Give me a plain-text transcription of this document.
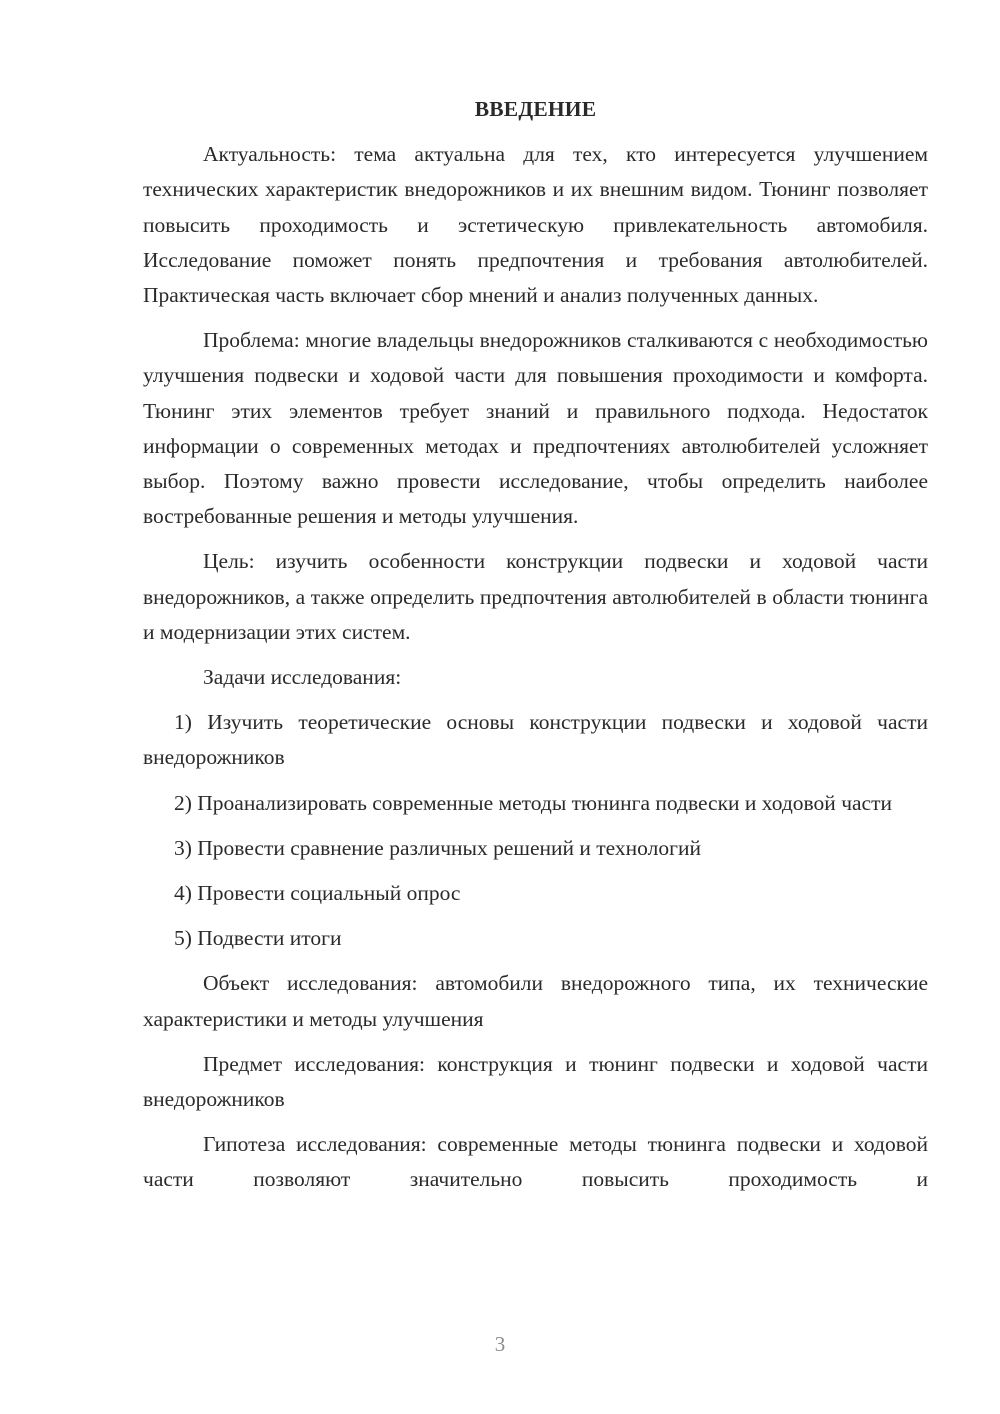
ВВЕДЕНИЕ

Актуальность: тема актуальна для тех, кто интересуется улучшением технических характеристик внедорожников и их внешним видом. Тюнинг позволяет повысить проходимость и эстетическую привлекательность автомобиля. Исследование поможет понять предпочтения и требования автолюбителей. Практическая часть включает сбор мнений и анализ полученных данных.

Проблема: многие владельцы внедорожников сталкиваются с необходимостью улучшения подвески и ходовой части для повышения проходимости и комфорта. Тюнинг этих элементов требует знаний и правильного подхода. Недостаток информации о современных методах и предпочтениях автолюбителей усложняет выбор. Поэтому важно провести исследование, чтобы определить наиболее востребованные решения и методы улучшения.

Цель: изучить особенности конструкции подвески и ходовой части внедорожников, а также определить предпочтения автолюбителей в области тюнинга и модернизации этих систем.

Задачи исследования:

1) Изучить теоретические основы конструкции подвески и ходовой части внедорожников

2) Проанализировать современные методы тюнинга подвески и ходовой части

3) Провести сравнение различных решений и технологий

4) Провести социальный опрос

5) Подвести итоги

Объект исследования: автомобили внедорожного типа, их технические характеристики и методы улучшения

Предмет исследования: конструкция и тюнинг подвески и ходовой части внедорожников

Гипотеза исследования: современные методы тюнинга подвески и ходовой части позволяют значительно повысить проходимость и

3
